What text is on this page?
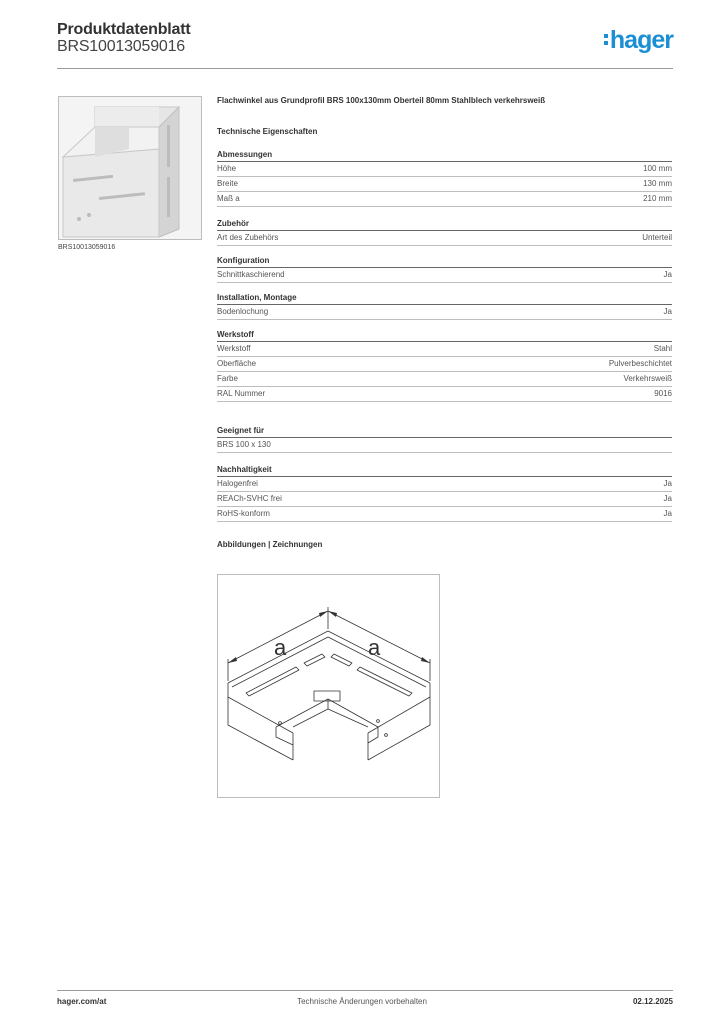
Produktdatenblatt
BRS10013059016	hager
BRS10013059016
Flachwinkel aus Grundprofil BRS 100x130mm Oberteil 80mm Stahlblech verkehrsweiß
Technische Eigenschaften
Abmessungen
Höhe	100 mm
Breite	130 mm
Maß a	210 mm
Zubehör
Art des Zubehörs	Unterteil
Konfiguration
Schnittkaschierend	Ja
Installation, Montage
Bodenlochung	Ja
Werkstoff
Werkstoff	Stahl
Oberfläche	Pulverbeschichtet
Farbe	Verkehrsweiß
RAL Nummer	9016
Geeignet für
BRS 100 x 130
Nachhaltigkeit
Halogenfrei	Ja
REACh-SVHC frei	Ja
RoHS-konform	Ja
Abbildungen | Zeichnungen
a	a
hager.com/at	Technische Änderungen vorbehalten	02.12.2025
